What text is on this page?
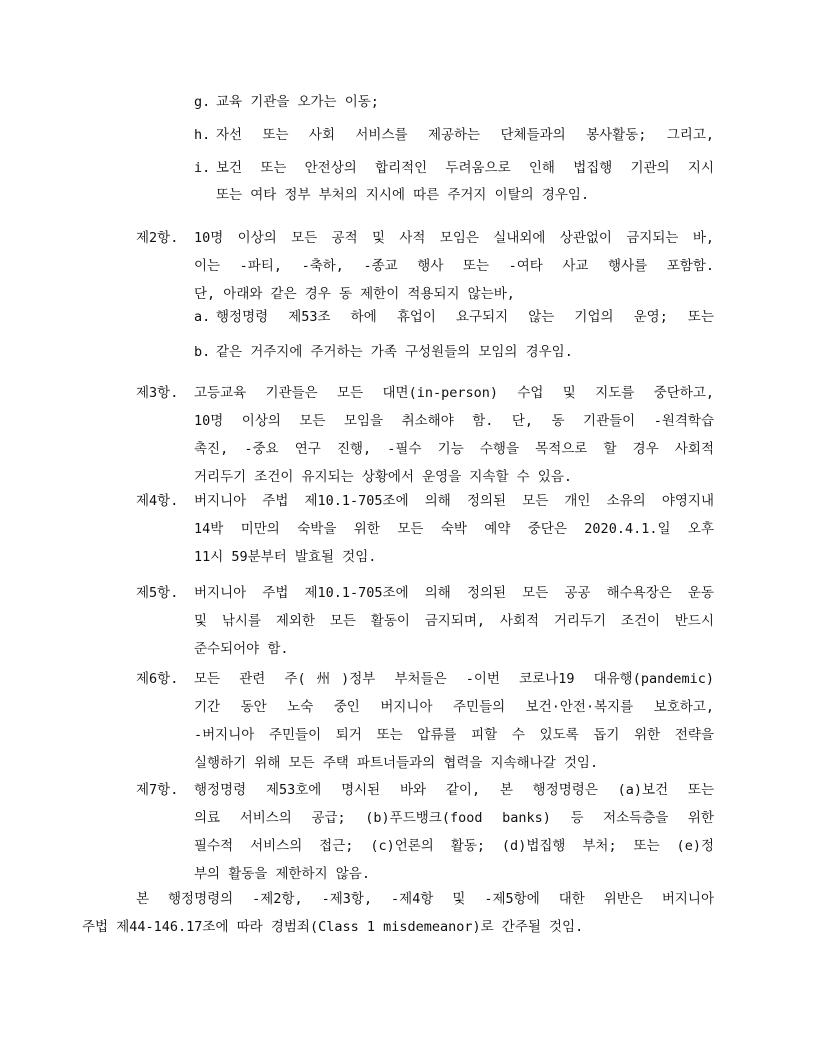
g. 교육 기관을 오가는 이동;
h. 자선 또는 사회 서비스를 제공하는 단체들과의 봉사활동; 그리고,
i. 보건 또는 안전상의 합리적인 두려움으로 인해 법집행 기관의 지시
또는 여타 정부 부처의 지시에 따른 주거지 이탈의 경우임.
제2항.	10명 이상의 모든 공적 및 사적 모임은 실내외에 상관없이 금지되는 바,
이는 ‐파티, ‐축하, ‐종교 행사 또는 ‐여타 사교 행사를 포함함.
단, 아래와 같은 경우 동 제한이 적용되지 않는바,
a. 행정명령 제53조 하에 휴업이 요구되지 않는 기업의 운영; 또는
b. 같은 거주지에 주거하는 가족 구성원들의 모임의 경우임.
제3항.	고등교육 기관들은 모든 대면(in-person) 수업 및 지도를 중단하고,
10명 이상의 모든 모임을 취소해야 함. 단, 동 기관들이 ‐원격학습
촉진, ‐중요 연구 진행, ‐필수 기능 수행을 목적으로 할 경우 사회적
거리두기 조건이 유지되는 상황에서 운영을 지속할 수 있음.
제4항.	버지니아 주법 제10.1-705조에 의해 정의된 모든 개인 소유의 야영지내
14박 미만의 숙박을 위한 모든 숙박 예약 중단은 2020.4.1.일 오후
11시 59분부터 발효될 것임.
제5항.	버지니아 주법 제10.1-705조에 의해 정의된 모든 공공 해수욕장은 운동
및 낚시를 제외한 모든 활동이 금지되며, 사회적 거리두기 조건이 반드시
준수되어야 함.
제6항.	모든 관련 주(州)정부 부처들은 ‐이번 코로나19 대유행(pandemic)
기간 동안 노숙 중인 버지니아 주민들의 보건·안전·복지를 보호하고,
‐버지니아 주민들이 퇴거 또는 압류를 피할 수 있도록 돕기 위한 전략을
실행하기 위해 모든 주택 파트너들과의 협력을 지속해나갈 것임.
제7항.	행정명령 제53호에 명시된 바와 같이, 본 행정명령은 (a)보건 또는
의료 서비스의 공급; (b)푸드뱅크(food banks) 등 저소득층을 위한
필수적 서비스의 접근; (c)언론의 활동; (d)법집행 부처; 또는 (e)정
부의 활동을 제한하지 않음.
본 행정명령의 ‐제2항, ‐제3항, ‐제4항 및 ‐제5항에 대한 위반은 버지니아
주법 제44-146.17조에 따라 경범죄(Class 1 misdemeanor)로 간주될 것임.
